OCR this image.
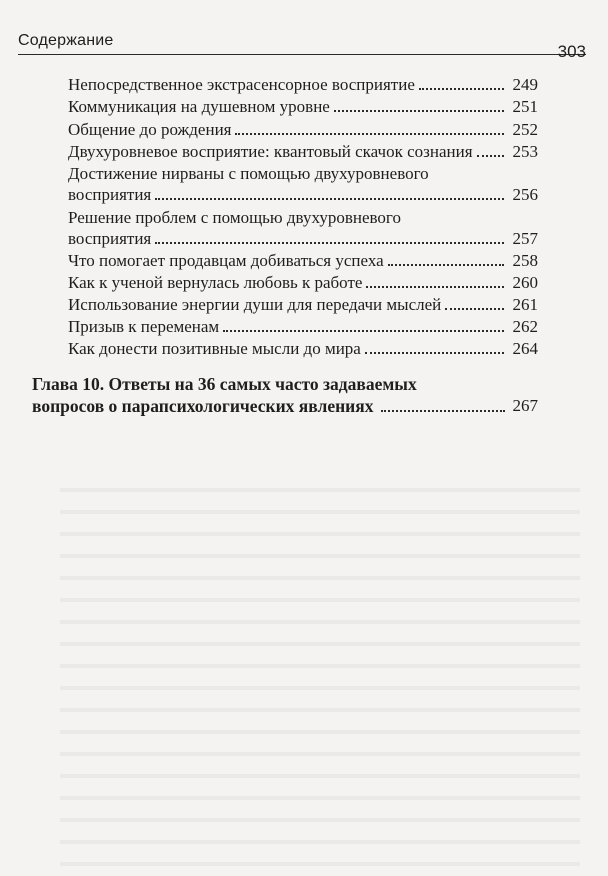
Содержание
303
Непосредственное экстрасенсорное восприятие	249
Коммуникация на душевном уровне	251
Общение до рождения	252
Двухуровневое восприятие: квантовый скачок сознания 253
Достижение нирваны с помощью двухуровневого
восприятия	256
Решение проблем с помощью двухуровневого
восприятия	257
Что помогает продавцам добиваться успеха	258
Как к ученой вернулась любовь к работе	260
Использование энергии души для передачи мыслей	261
Призыв к переменам	262
Как донести позитивные мысли до мира	264
Глава 10. Ответы на 36 самых часто задаваемых
вопросов о парапсихологических явлениях	267
